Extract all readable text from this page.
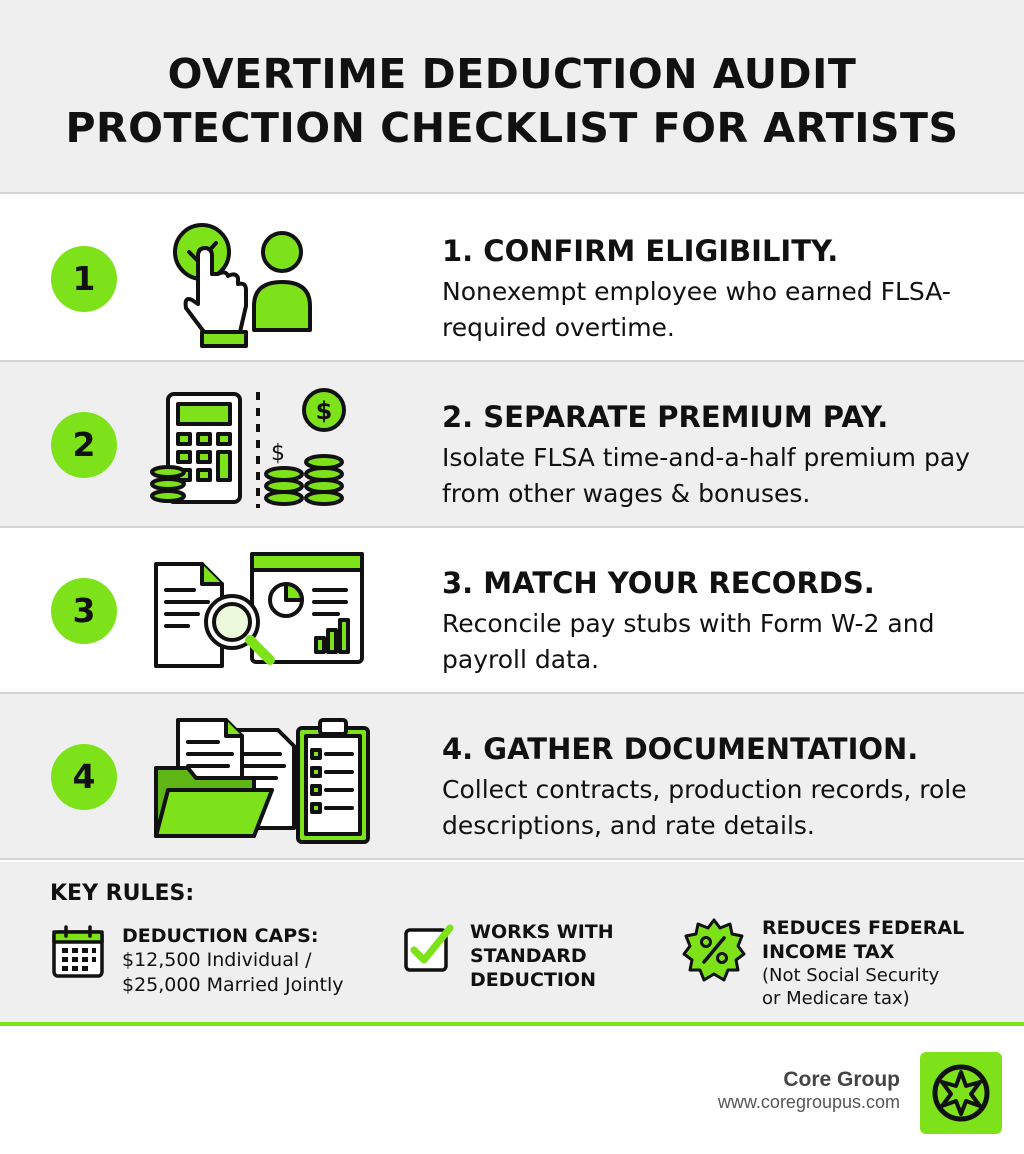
OVERTIME DEDUCTION AUDIT
PROTECTION CHECKLIST FOR ARTISTS
1
1. CONFIRM ELIGIBILITY.
Nonexempt employee who earned FLSA-required overtime.
2
$
$
2. SEPARATE PREMIUM PAY.
Isolate FLSA time-and-a-half premium pay from other wages & bonuses.
3
3. MATCH YOUR RECORDS.
Reconcile pay stubs with Form W-2 and payroll data.
4
4. GATHER DOCUMENTATION.
Collect contracts, production records, role descriptions, and rate details.
KEY RULES:
DEDUCTION CAPS:
$12,500 Individual /
$25,000 Married Jointly
WORKS WITH
STANDARD
DEDUCTION
REDUCES FEDERAL
INCOME TAX
(Not Social Security
or Medicare tax)
Core Group
www.coregroupus.com
